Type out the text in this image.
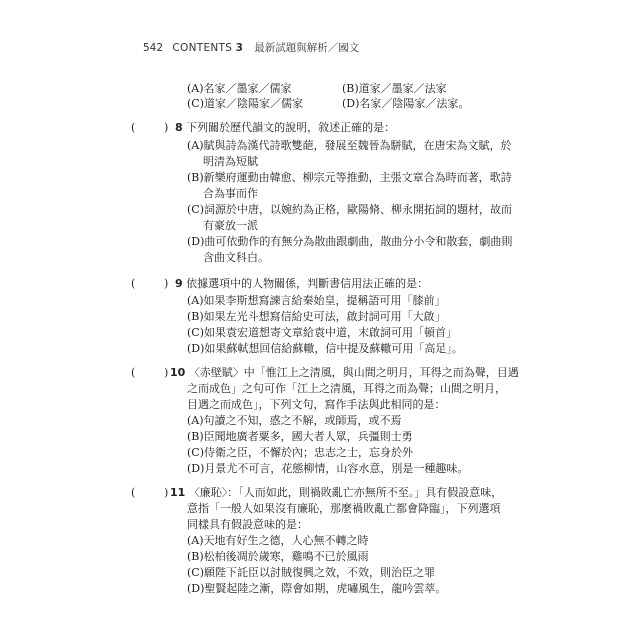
542 CONTENTS 3 最新試題與解析／國文
(A)名家／墨家／儒家	(B)道家／墨家／法家
(C)道家／陰陽家／儒家	(D)名家／陰陽家／法家。
(	) 8 下列關於歷代韻文的說明，敘述正確的是：
(A)賦與詩為漢代詩歌雙葩，發展至魏晉為駢賦，在唐宋為文賦，於
明清為短賦
(B)新樂府運動由韓愈、柳宗元等推動，主張文章合為時而著，歌詩
合為事而作
(C)詞源於中唐，以婉約為正格，歐陽脩、柳永開拓詞的題材，故而
有豪放一派
(D)曲可依動作的有無分為散曲跟劇曲，散曲分小令和散套，劇曲則
含曲文科白。
(	) 9 依據選項中的人物關係，判斷書信用法正確的是：
(A)如果李斯想寫諫言給秦始皇，提稱語可用「膝前」
(B)如果左光斗想寫信給史可法，啟封詞可用「大啟」
(C)如果袁宏道想寄文章給袁中道，末啟詞可用「頓首」
(D)如果蘇軾想回信給蘇轍，信中提及蘇轍可用「高足」。
(	) 10 〈赤壁賦〉中「惟江上之清風，與山間之明月，耳得之而為聲，目遇
之而成色」之句可作「江上之清風，耳得之而為聲；山間之明月，
目遇之而成色」，下列文句，寫作手法與此相同的是：
(A)句讀之不知，惑之不解，或師焉，或不焉
(B)臣聞地廣者粟多，國大者人眾，兵彊則士勇
(C)侍衛之臣，不懈於內；忠志之士，忘身於外
(D)月景尤不可言，花態柳情，山容水意，別是一種趣味。
(	) 11 〈廉恥〉：「人而如此，則禍敗亂亡亦無所不至。」具有假設意味，
意指「一般人如果沒有廉恥，那麼禍敗亂亡都會降臨」，下列選項
同樣具有假設意味的是：
(A)天地有好生之德，人心無不轉之時
(B)松柏後凋於歲寒，雞鳴不已於風雨
(C)願陛下託臣以討賊復興之效，不效，則治臣之罪
(D)聖賢起陸之漸，際會如期，虎嘯風生，龍吟雲萃。
